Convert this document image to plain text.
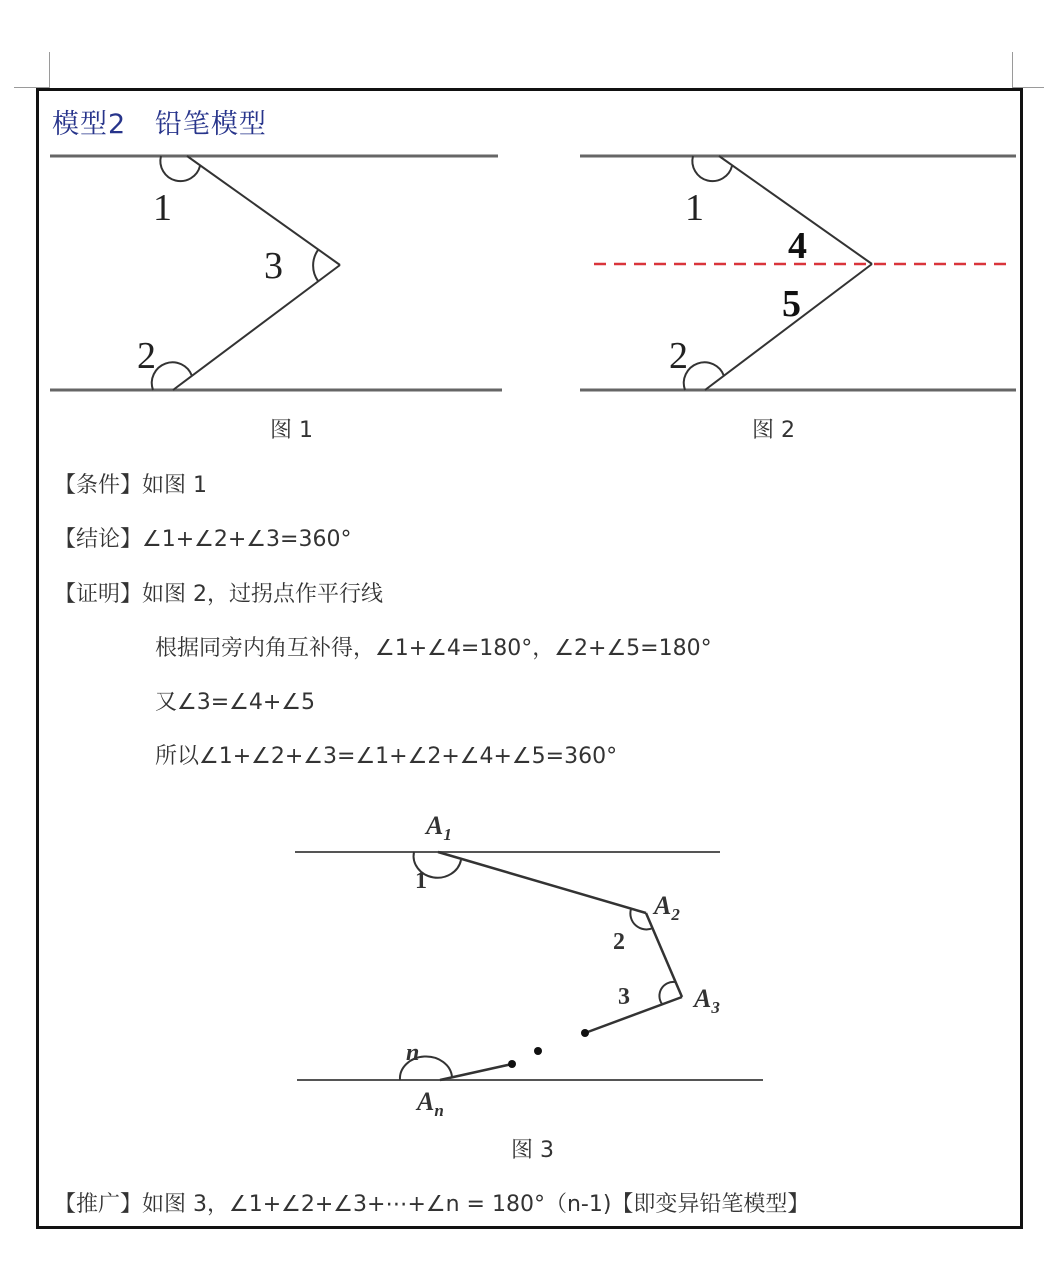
模型2   铅笔模型
1
2
3
图 1
1
2
4
5
图 2
【条件】如图 1
【结论】∠1+∠2+∠3=360°
【证明】如图 2，过拐点作平行线
根据同旁内角互补得，∠1+∠4=180°，∠2+∠5=180°
又∠3=∠4+∠5
所以∠1+∠2+∠3=∠1+∠2+∠4+∠5=360°
$A_1$
$A_2$
$A_3$
$A_n$
1
2
3
n
图 3
【推广】如图 3，∠1+∠2+∠3+⋯+∠n = 180°（n-1)【即变异铅笔模型】
